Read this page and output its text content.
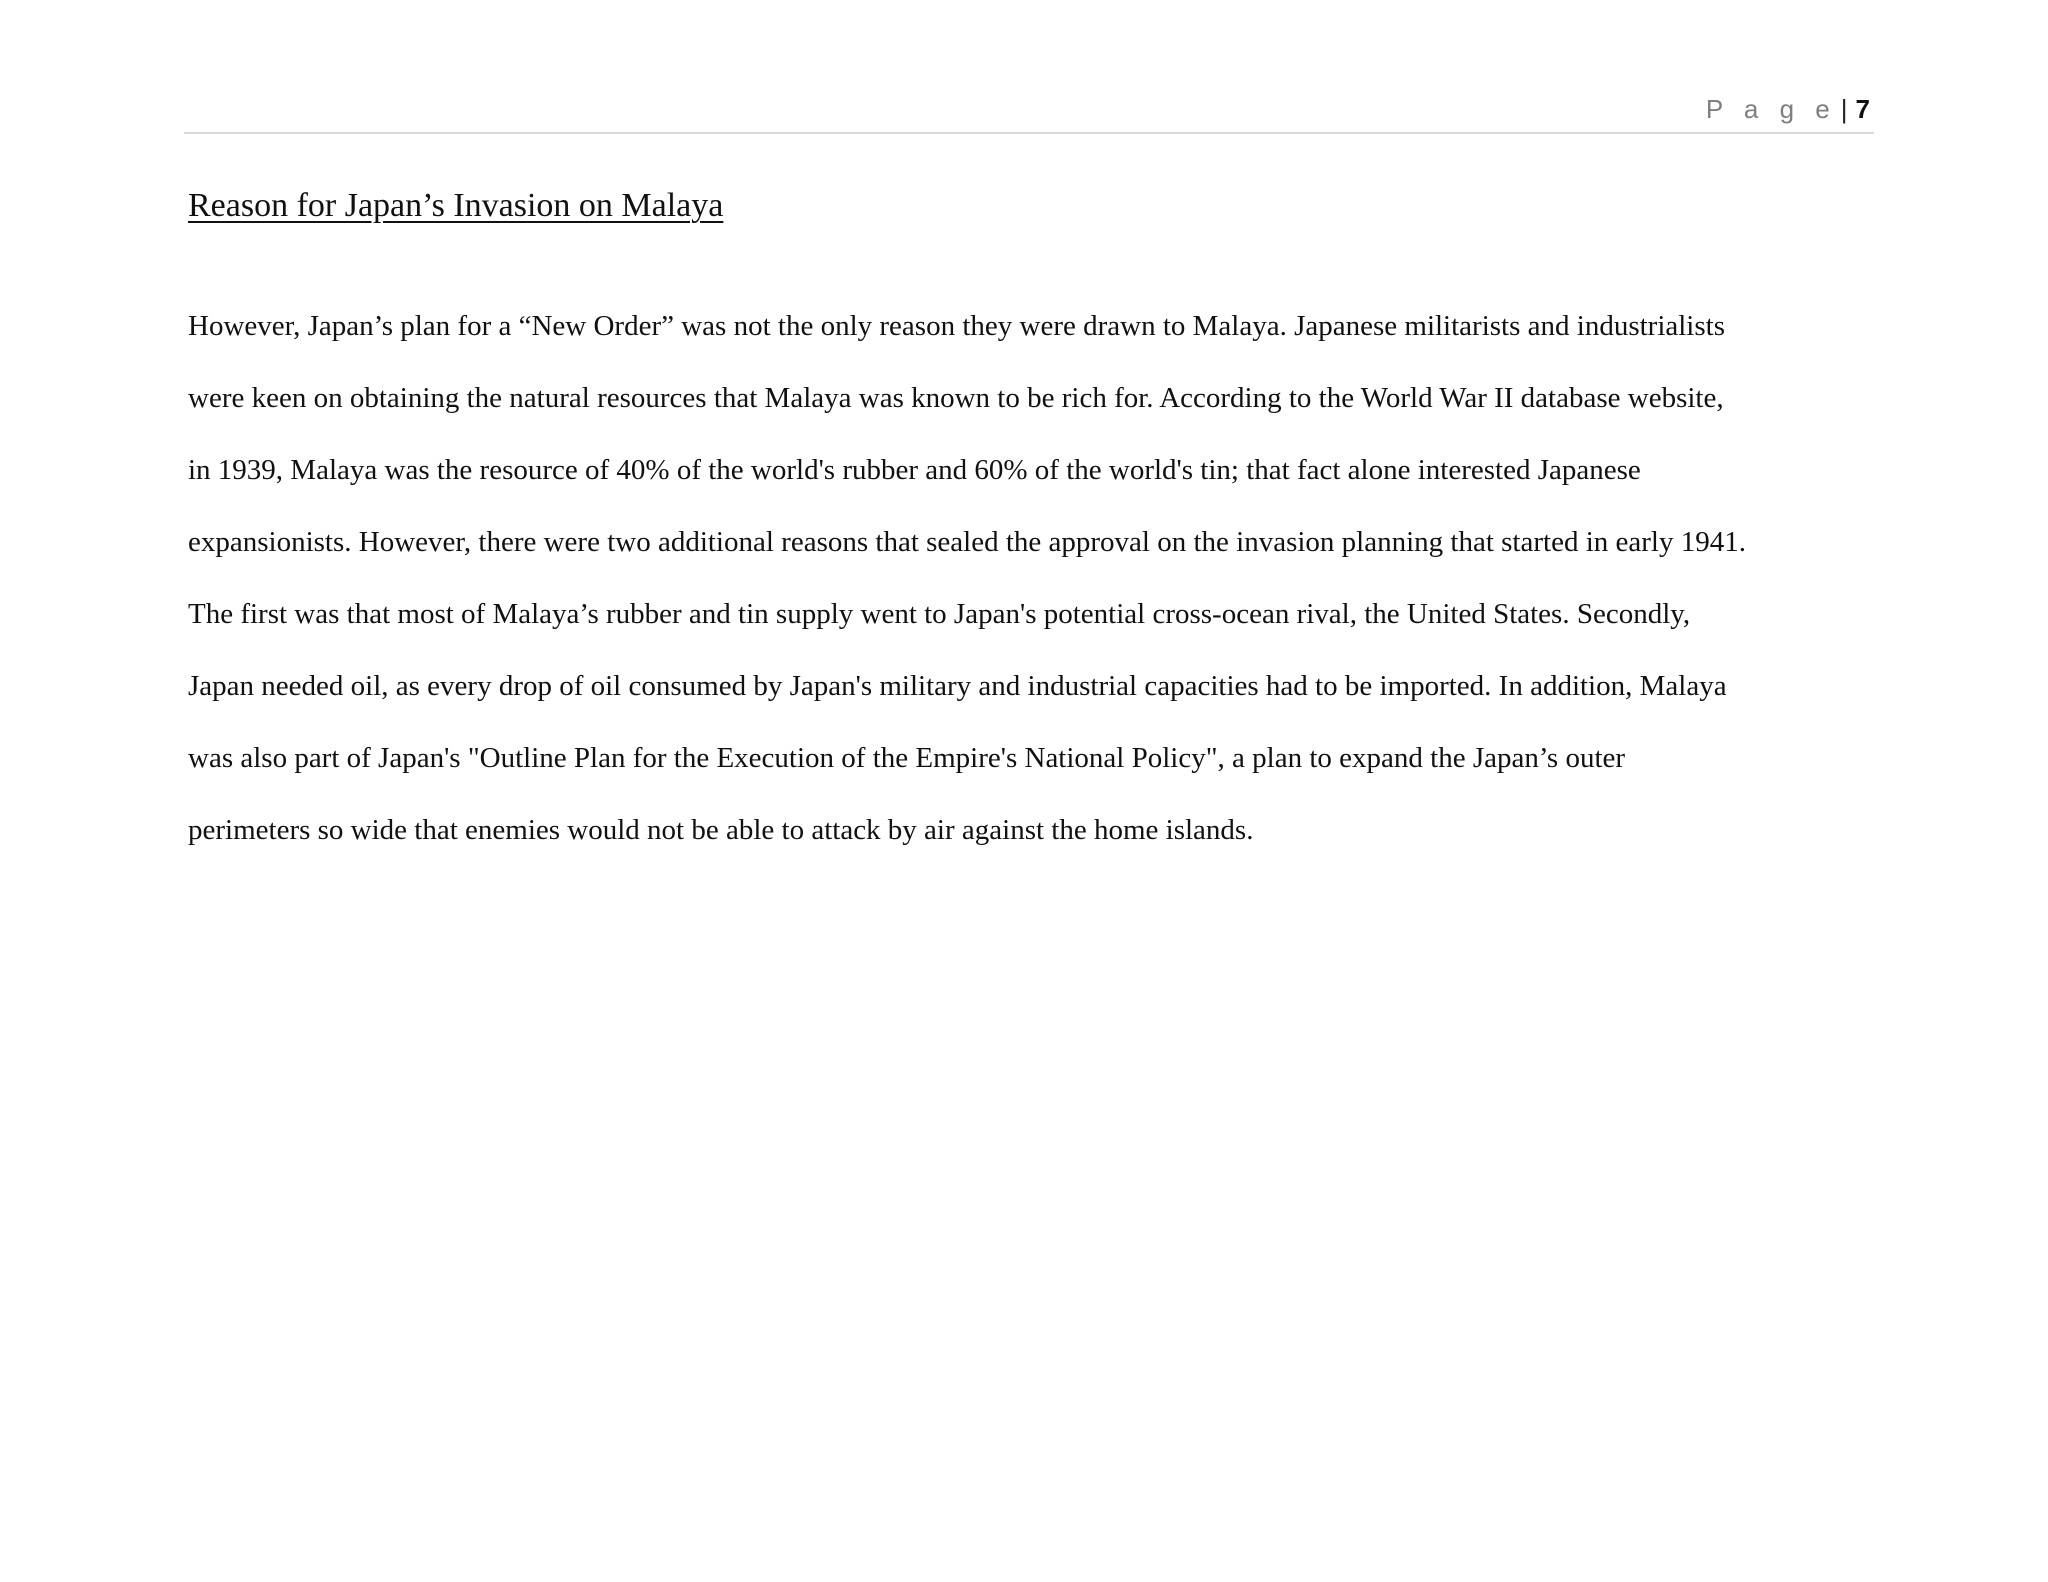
P a g e | 7
Reason for Japan’s Invasion on Malaya
However, Japan’s plan for a “New Order” was not the only reason they were drawn to Malaya. Japanese militarists and industrialists
were keen on obtaining the natural resources that Malaya was known to be rich for. According to the World War II database website,
in 1939, Malaya was the resource of 40% of the world's rubber and 60% of the world's tin; that fact alone interested Japanese
expansionists. However, there were two additional reasons that sealed the approval on the invasion planning that started in early 1941.
The first was that most of Malaya’s rubber and tin supply went to Japan's potential cross-ocean rival, the United States. Secondly,
Japan needed oil, as every drop of oil consumed by Japan's military and industrial capacities had to be imported. In addition, Malaya
was also part of Japan's "Outline Plan for the Execution of the Empire's National Policy", a plan to expand the Japan’s outer
perimeters so wide that enemies would not be able to attack by air against the home islands.
